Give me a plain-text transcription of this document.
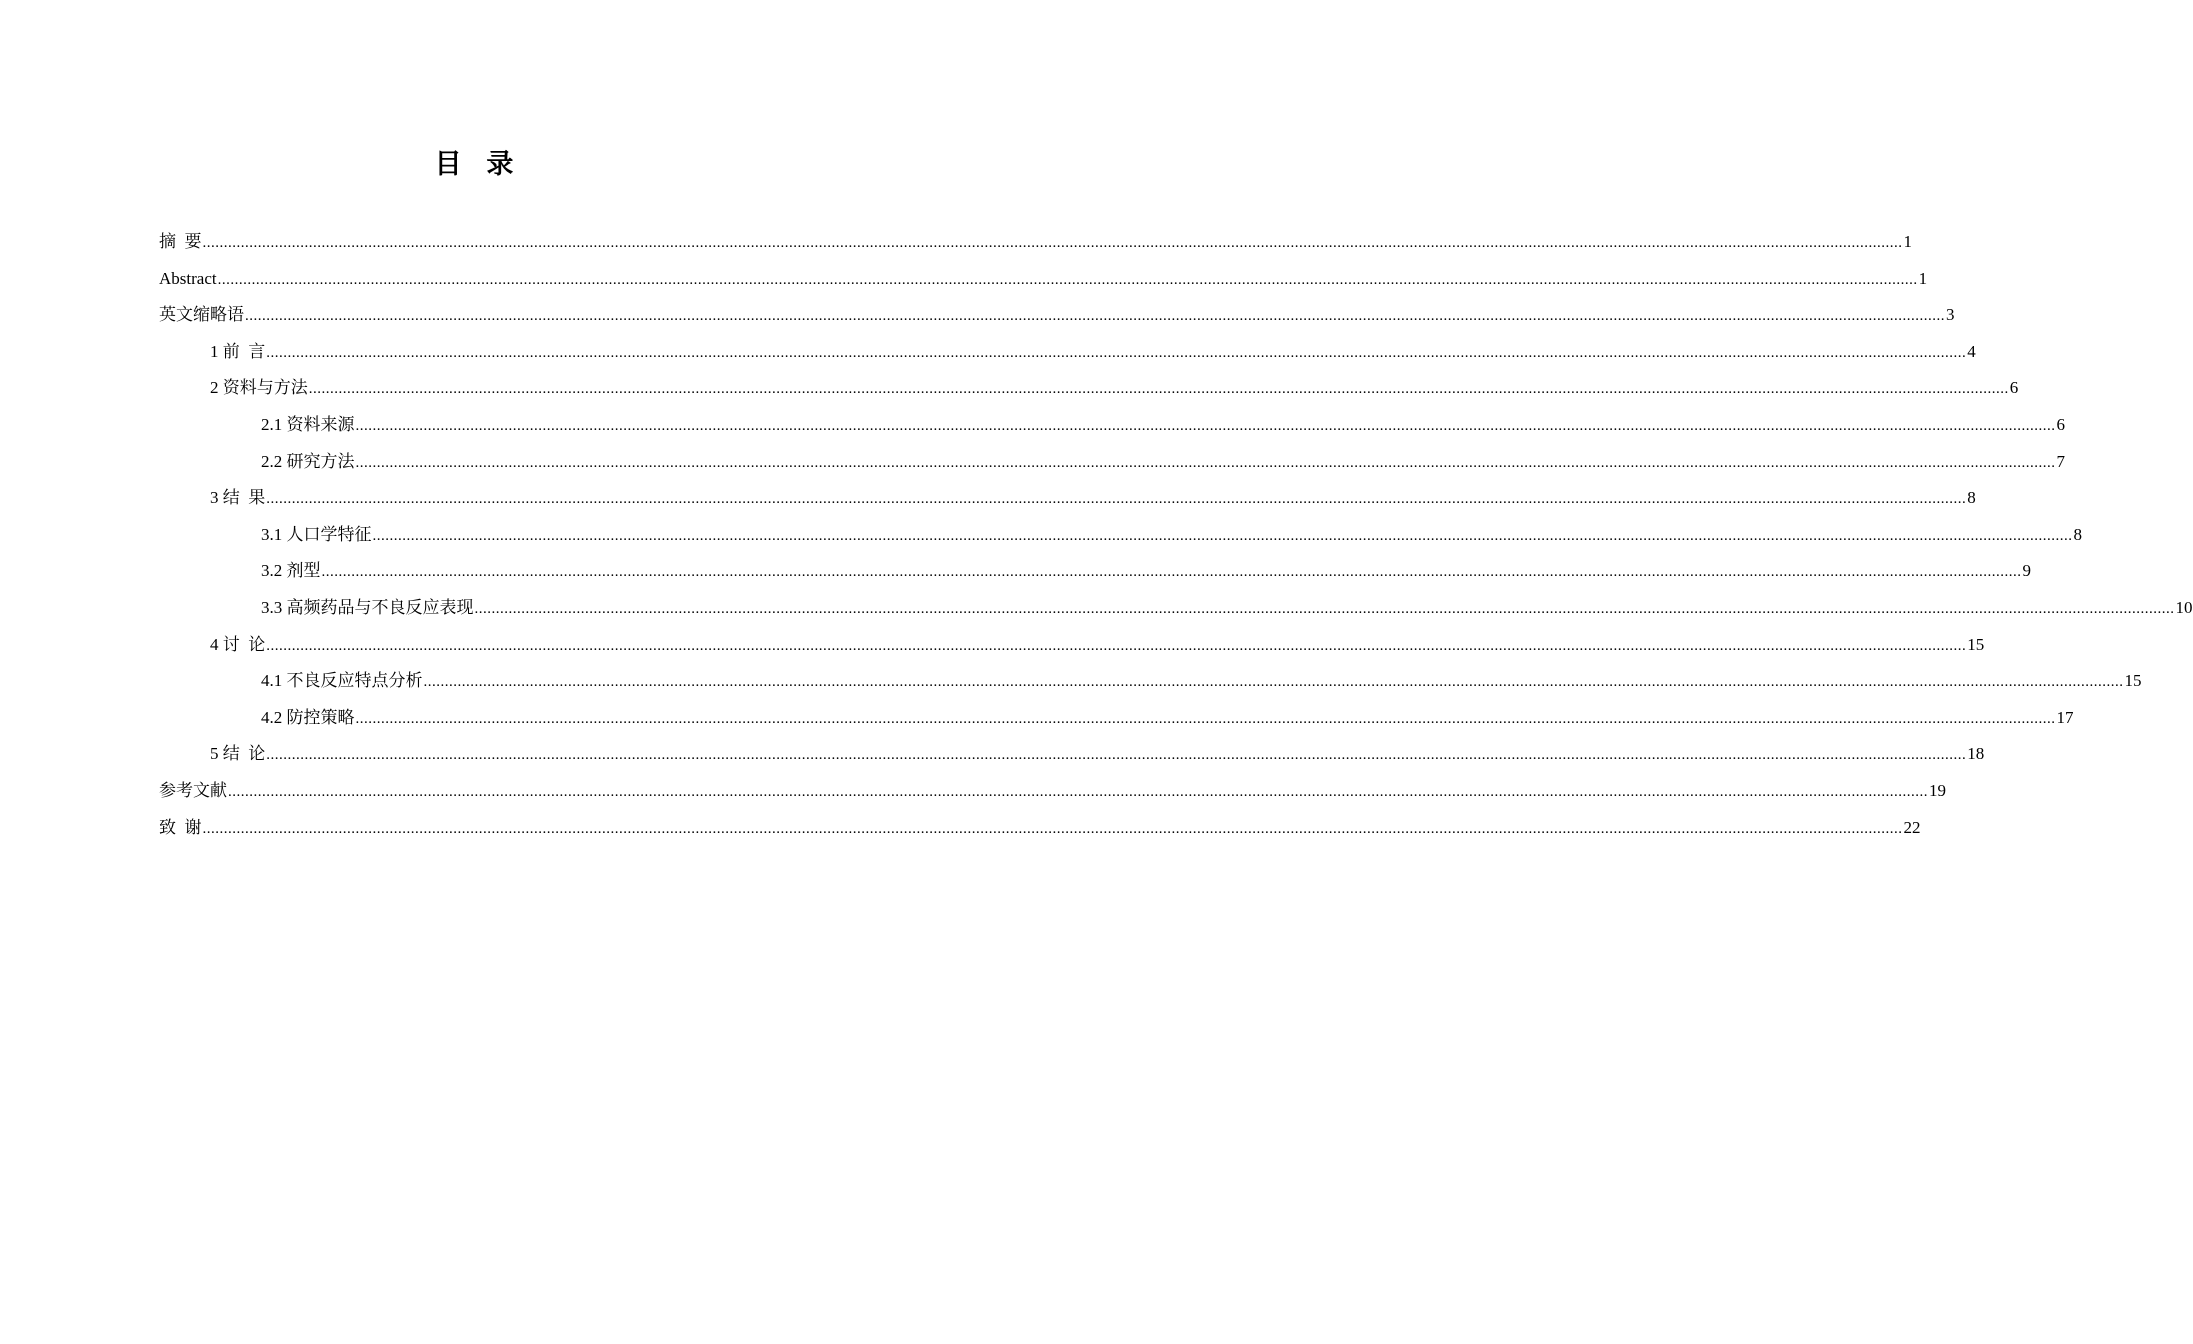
目  录
摘  要 ................................................................................................................................................................................................................................................................................................................................................................................................................ 1
Abstract ................................................................................................................................................................................................................................................................................................................................................................................................................ 1
英文缩略语 ................................................................................................................................................................................................................................................................................................................................................................................................................ 3
1 前  言 ................................................................................................................................................................................................................................................................................................................................................................................................................ 4
2 资料与方法 ................................................................................................................................................................................................................................................................................................................................................................................................................ 6
2.1 资料来源 ................................................................................................................................................................................................................................................................................................................................................................................................................ 6
2.2 研究方法 ................................................................................................................................................................................................................................................................................................................................................................................................................ 7
3 结  果 ................................................................................................................................................................................................................................................................................................................................................................................................................ 8
3.1 人口学特征 ................................................................................................................................................................................................................................................................................................................................................................................................................ 8
3.2 剂型 ................................................................................................................................................................................................................................................................................................................................................................................................................ 9
3.3 高频药品与不良反应表现 ................................................................................................................................................................................................................................................................................................................................................................................................................ 10
4 讨  论 ................................................................................................................................................................................................................................................................................................................................................................................................................ 15
4.1 不良反应特点分析 ................................................................................................................................................................................................................................................................................................................................................................................................................ 15
4.2 防控策略 ................................................................................................................................................................................................................................................................................................................................................................................................................ 17
5 结  论 ................................................................................................................................................................................................................................................................................................................................................................................................................ 18
参考文献 ................................................................................................................................................................................................................................................................................................................................................................................................................ 19
致  谢 ................................................................................................................................................................................................................................................................................................................................................................................................................ 22
